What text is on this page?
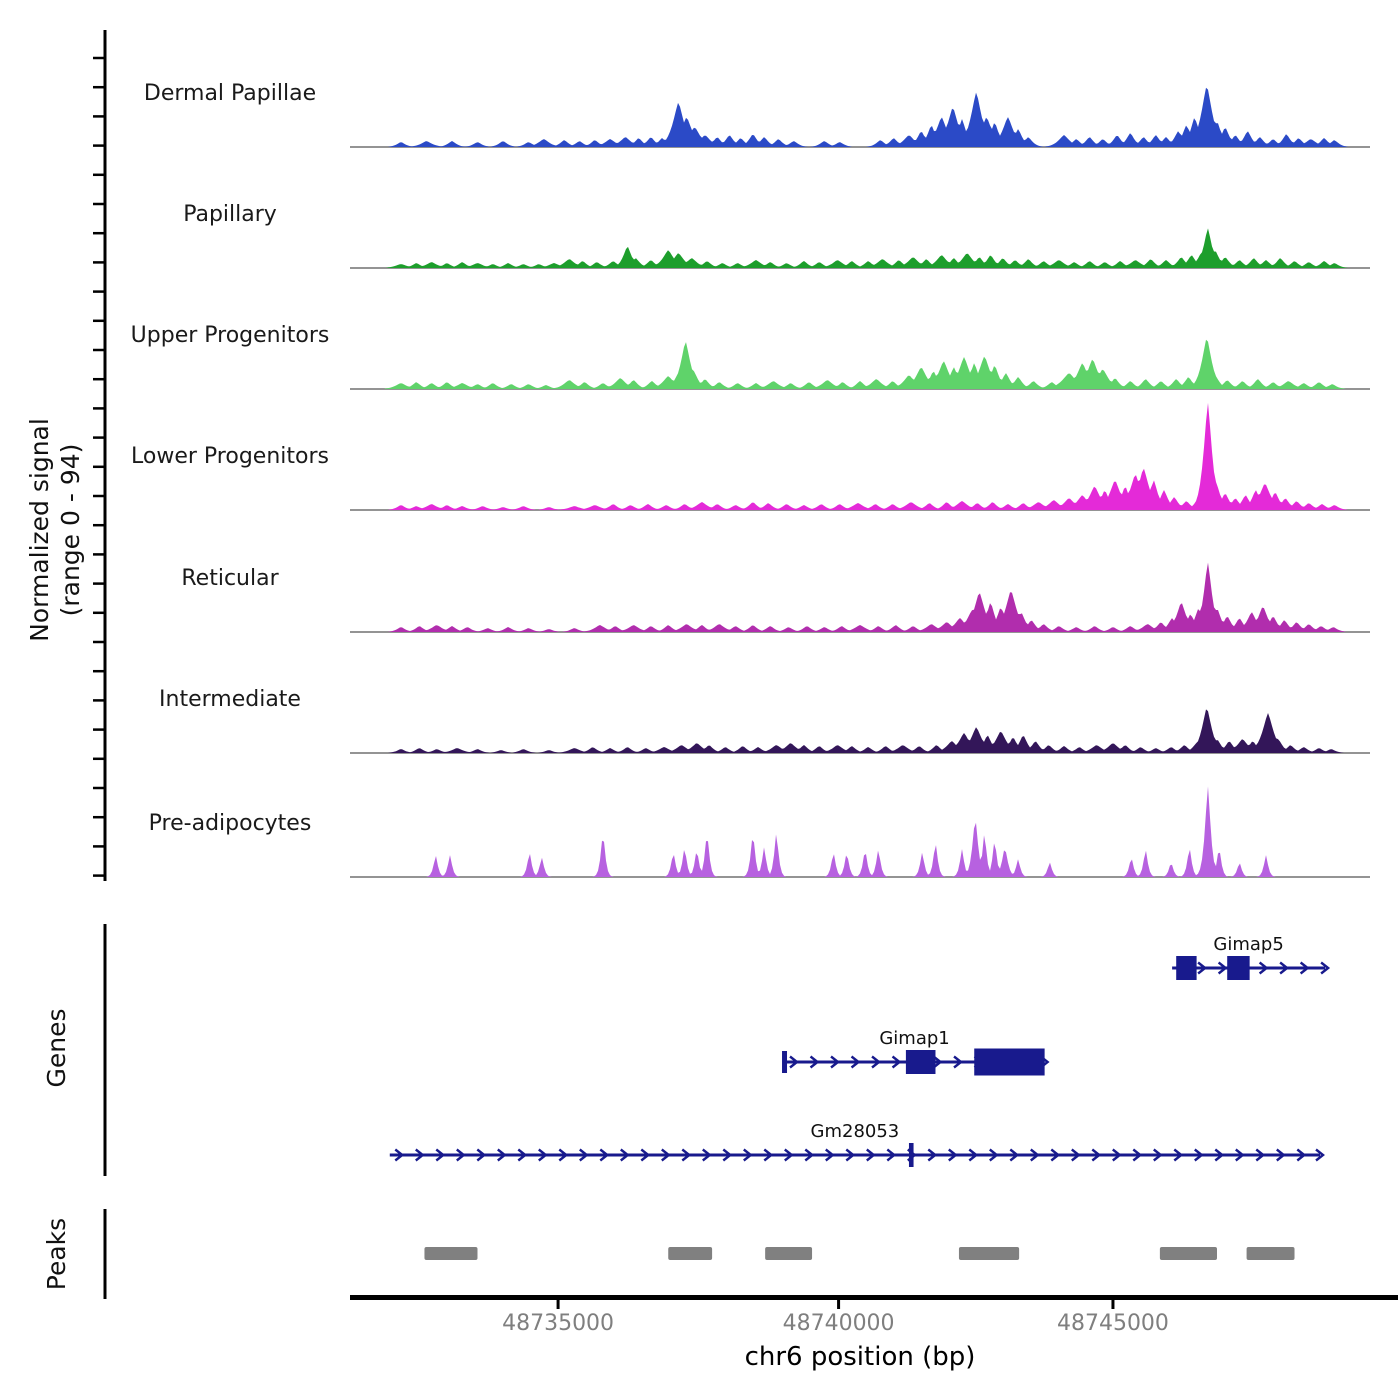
Normalized signal (range 0 - 94)
Genes
Peaks
Dermal Papillae
Papillary
Upper Progenitors
Lower Progenitors
Reticular
Intermediate
Pre-adipocytes
Gimap5
Gimap1
Gm28053
48735000	48740000	48745000
chr6 position (bp)
